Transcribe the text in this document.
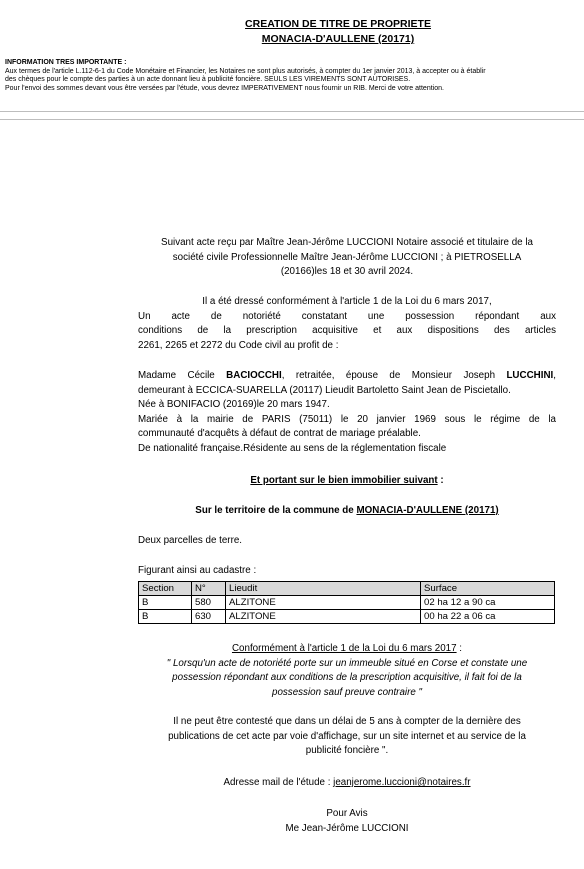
CREATION DE TITRE DE PROPRIETE
MONACIA-D'AULLENE (20171)
INFORMATION TRES IMPORTANTE :
Aux termes de l'article L.112-6-1 du Code Monétaire et Financier, les Notaires ne sont plus autorisés, à compter du 1er janvier 2013, à accepter ou à établir
des chèques pour le compte des parties à un acte donnant lieu à publicité foncière. SEULS LES VIREMENTS SONT AUTORISES.
Pour l'envoi des sommes devant vous être versées par l'étude, vous devrez IMPERATIVEMENT nous fournir un RIB. Merci de votre attention.
Suivant acte reçu par Maître Jean-Jérôme LUCCIONI Notaire associé et titulaire de la
société civile Professionnelle Maître Jean-Jérôme LUCCIONI ; à PIETROSELLA
(20166)les 18 et 30 avril 2024.
Il a été dressé conformément à l'article 1 de la Loi du 6 mars 2017,
Un acte de notoriété constatant une possession répondant aux
conditions de la prescription acquisitive et aux dispositions des articles
2261, 2265 et 2272 du Code civil au profit de :
Madame Cécile BACIOCCHI, retraitée, épouse de Monsieur Joseph LUCCHINI,
demeurant à ECCICA-SUARELLA (20117) Lieudit Bartoletto Saint Jean de Piscietallo.
Née à BONIFACIO (20169)le 20 mars 1947.
Mariée à la mairie de PARIS (75011) le 20 janvier 1969 sous le régime de la
communauté d'acquêts à défaut de contrat de mariage préalable.
De nationalité française.Résidente au sens de la réglementation fiscale
Et portant sur le bien immobilier suivant :
Sur le territoire de la commune de MONACIA-D'AULLENE (20171)
Deux parcelles de terre.
Figurant ainsi au cadastre :
Section	N°	Lieudit	Surface
B	580	ALZITONE	02 ha 12 a 90 ca
B	630	ALZITONE	00 ha 22 a 06 ca
Conformément à l'article 1 de la Loi du 6 mars 2017 :
" Lorsqu'un acte de notoriété porte sur un immeuble situé en Corse et constate une
possession répondant aux conditions de la prescription acquisitive, il fait foi de la
possession sauf preuve contraire "
Il ne peut être contesté que dans un délai de 5 ans à compter de la dernière des
publications de cet acte par voie d'affichage, sur un site internet et au service de la
publicité foncière ".
Adresse mail de l'étude : jeanjerome.luccioni@notaires.fr
Pour Avis
Me Jean-Jérôme LUCCIONI
